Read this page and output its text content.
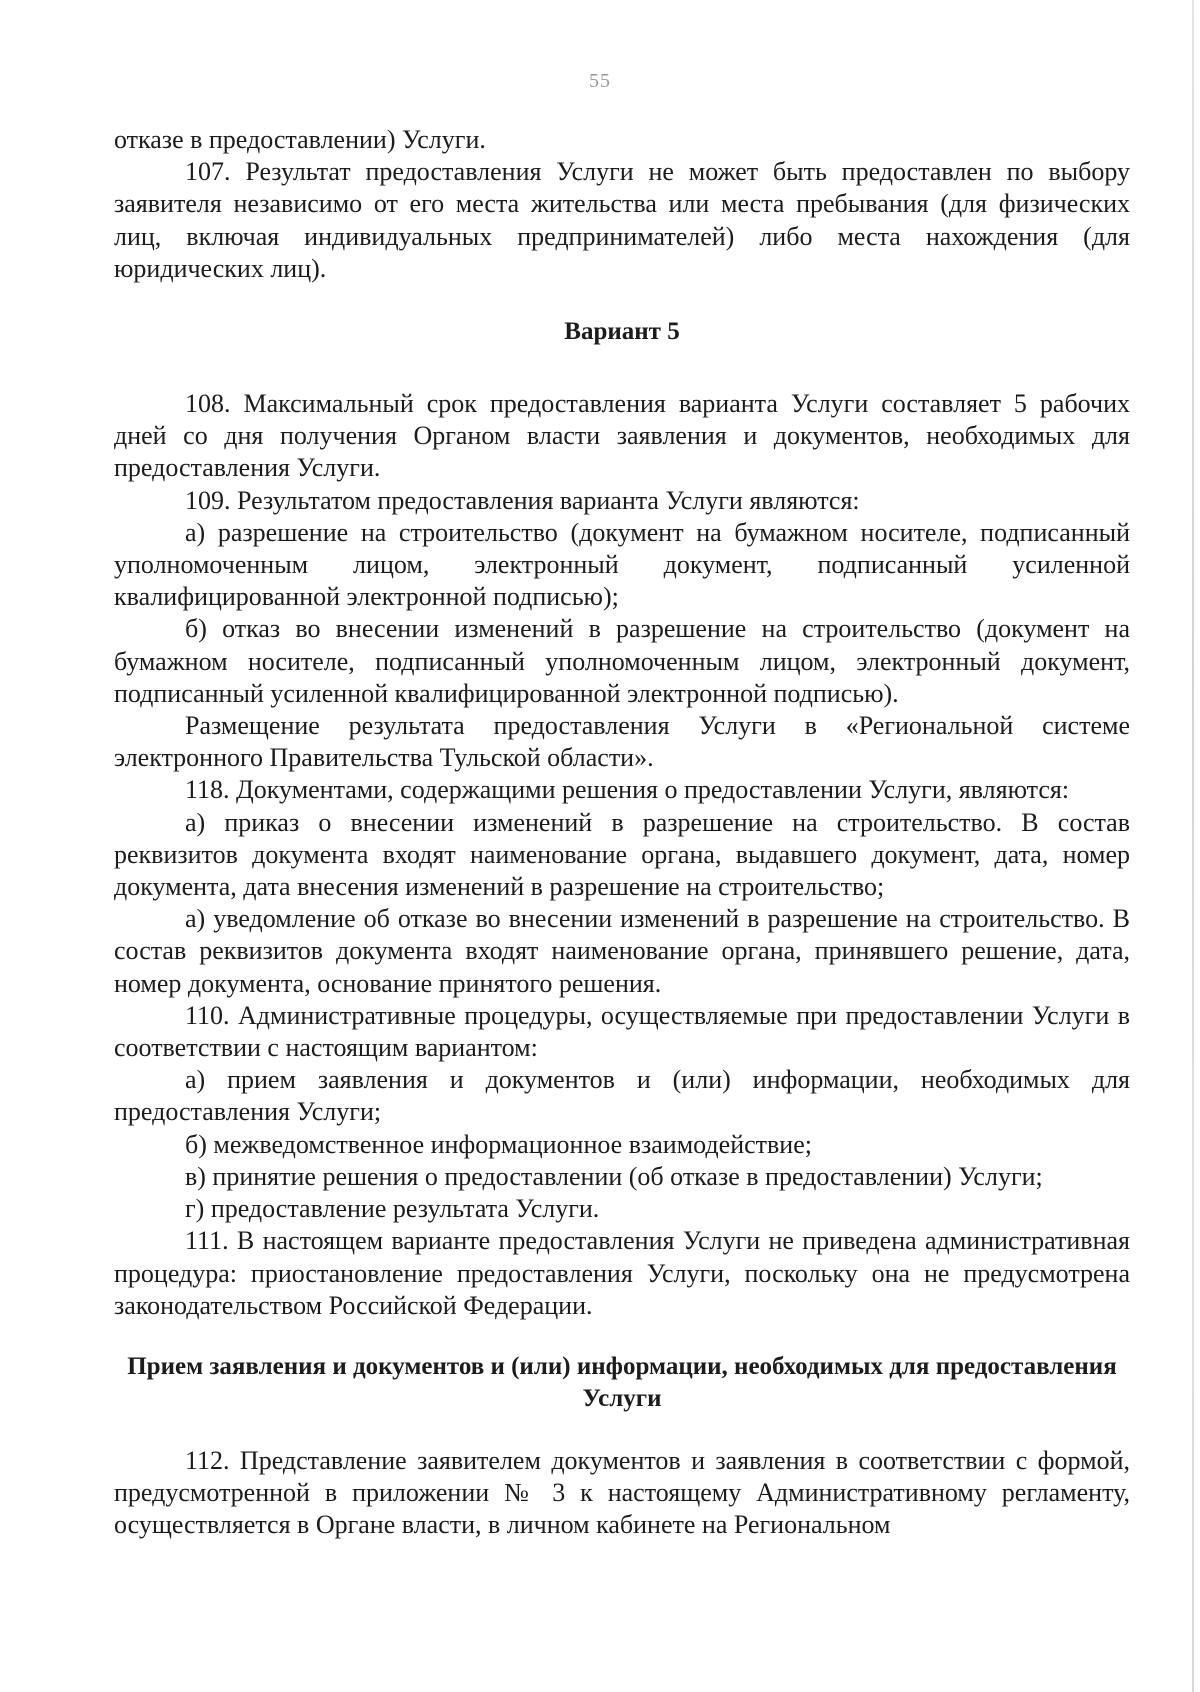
55

отказе в предоставлении) Услуги.

107. Результат предоставления Услуги не может быть предоставлен по выбору заявителя независимо от его места жительства или места пребывания (для физических лиц, включая индивидуальных предпринимателей) либо места нахождения (для юридических лиц).

Вариант 5

108. Максимальный срок предоставления варианта Услуги составляет 5 рабочих дней со дня получения Органом власти заявления и документов, необходимых для предоставления Услуги.

109. Результатом предоставления варианта Услуги являются:

а) разрешение на строительство (документ на бумажном носителе, подписанный уполномоченным лицом, электронный документ, подписанный усиленной квалифицированной электронной подписью);

б) отказ во внесении изменений в разрешение на строительство (документ на бумажном носителе, подписанный уполномоченным лицом, электронный документ, подписанный усиленной квалифицированной электронной подписью).

Размещение результата предоставления Услуги в «Региональной системе электронного Правительства Тульской области».

118. Документами, содержащими решения о предоставлении Услуги, являются:

а) приказ о внесении изменений в разрешение на строительство. В состав реквизитов документа входят наименование органа, выдавшего документ, дата, номер документа, дата внесения изменений в разрешение на строительство;

а) уведомление об отказе во внесении изменений в разрешение на строительство. В состав реквизитов документа входят наименование органа, принявшего решение, дата, номер документа, основание принятого решения.

110. Административные процедуры, осуществляемые при предоставлении Услуги в соответствии с настоящим вариантом:

а) прием заявления и документов и (или) информации, необходимых для предоставления Услуги;

б) межведомственное информационное взаимодействие;

в) принятие решения о предоставлении (об отказе в предоставлении) Услуги;

г) предоставление результата Услуги.

111. В настоящем варианте предоставления Услуги не приведена административная процедура: приостановление предоставления Услуги, поскольку она не предусмотрена законодательством Российской Федерации.

Прием заявления и документов и (или) информации, необходимых для предоставления Услуги

112. Представление заявителем документов и заявления в соответствии с формой, предусмотренной в приложении № 3 к настоящему Административному регламенту, осуществляется в Органе власти, в личном кабинете на Региональном
